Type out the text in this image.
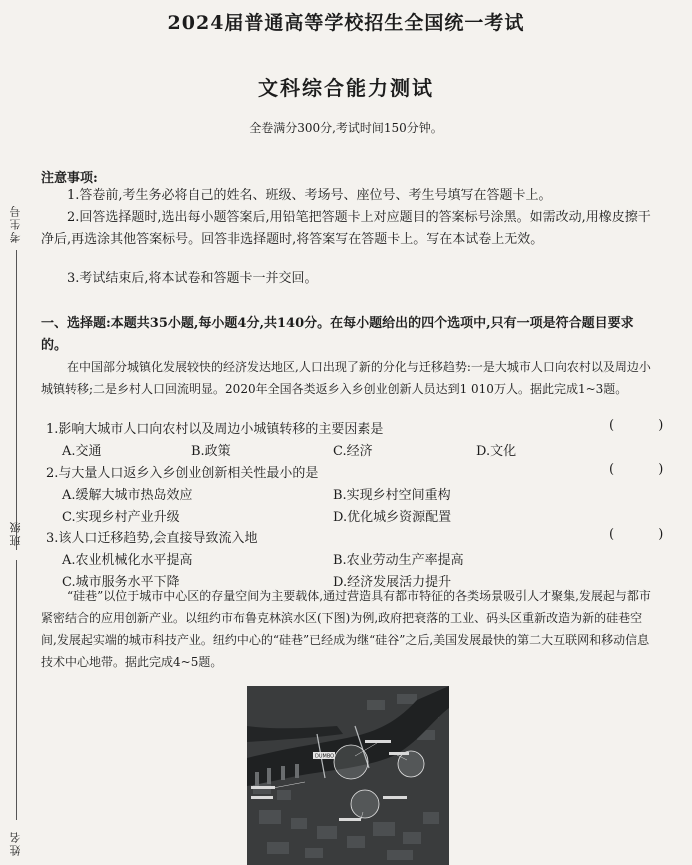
2024届普通高等学校招生全国统一考试
文科综合能力测试
全卷满分300分,考试时间150分钟。
注意事项:
1.答卷前,考生务必将自己的姓名、班级、考场号、座位号、考生号填写在答题卡上。
2.回答选择题时,选出每小题答案后,用铅笔把答题卡上对应题目的答案标号涂黑。如需改动,用橡皮擦干净后,再选涂其他答案标号。回答非选择题时,将答案写在答题卡上。写在本试卷上无效。
3.考试结束后,将本试卷和答题卡一并交回。
一、选择题:本题共35小题,每小题4分,共140分。在每小题给出的四个选项中,只有一项是符合题目要求的。
在中国部分城镇化发展较快的经济发达地区,人口出现了新的分化与迁移趋势:一是大城市人口向农村以及周边小城镇转移;二是乡村人口回流明显。2020年全国各类返乡入乡创业创新人员达到1 010万人。据此完成1~3题。
1.影响大城市人口向农村以及周边小城镇转移的主要因素是	( )
A.交通	B.政策	C.经济	D.文化
2.与大量人口返乡入乡创业创新相关性最小的是	( )
A.缓解大城市热岛效应	B.实现乡村空间重构
C.实现乡村产业升级	D.优化城乡资源配置
3.该人口迁移趋势,会直接导致流入地	( )
A.农业机械化水平提高	B.农业劳动生产率提高
C.城市服务水平下降	D.经济发展活力提升
“硅巷”以位于城市中心区的存量空间为主要载体,通过营造具有都市特征的各类场景吸引人才聚集,发展起与都市紧密结合的应用创新产业。以纽约市布鲁克林滨水区(下图)为例,政府把衰落的工业、码头区重新改造为新的硅巷空间,发展起实端的城市科技产业。纽约中心的“硅巷”已经成为继“硅谷”之后,美国发展最快的第二大互联网和移动信息技术中心地带。据此完成4~5题。
DUMBO
考生号
班级
姓名
